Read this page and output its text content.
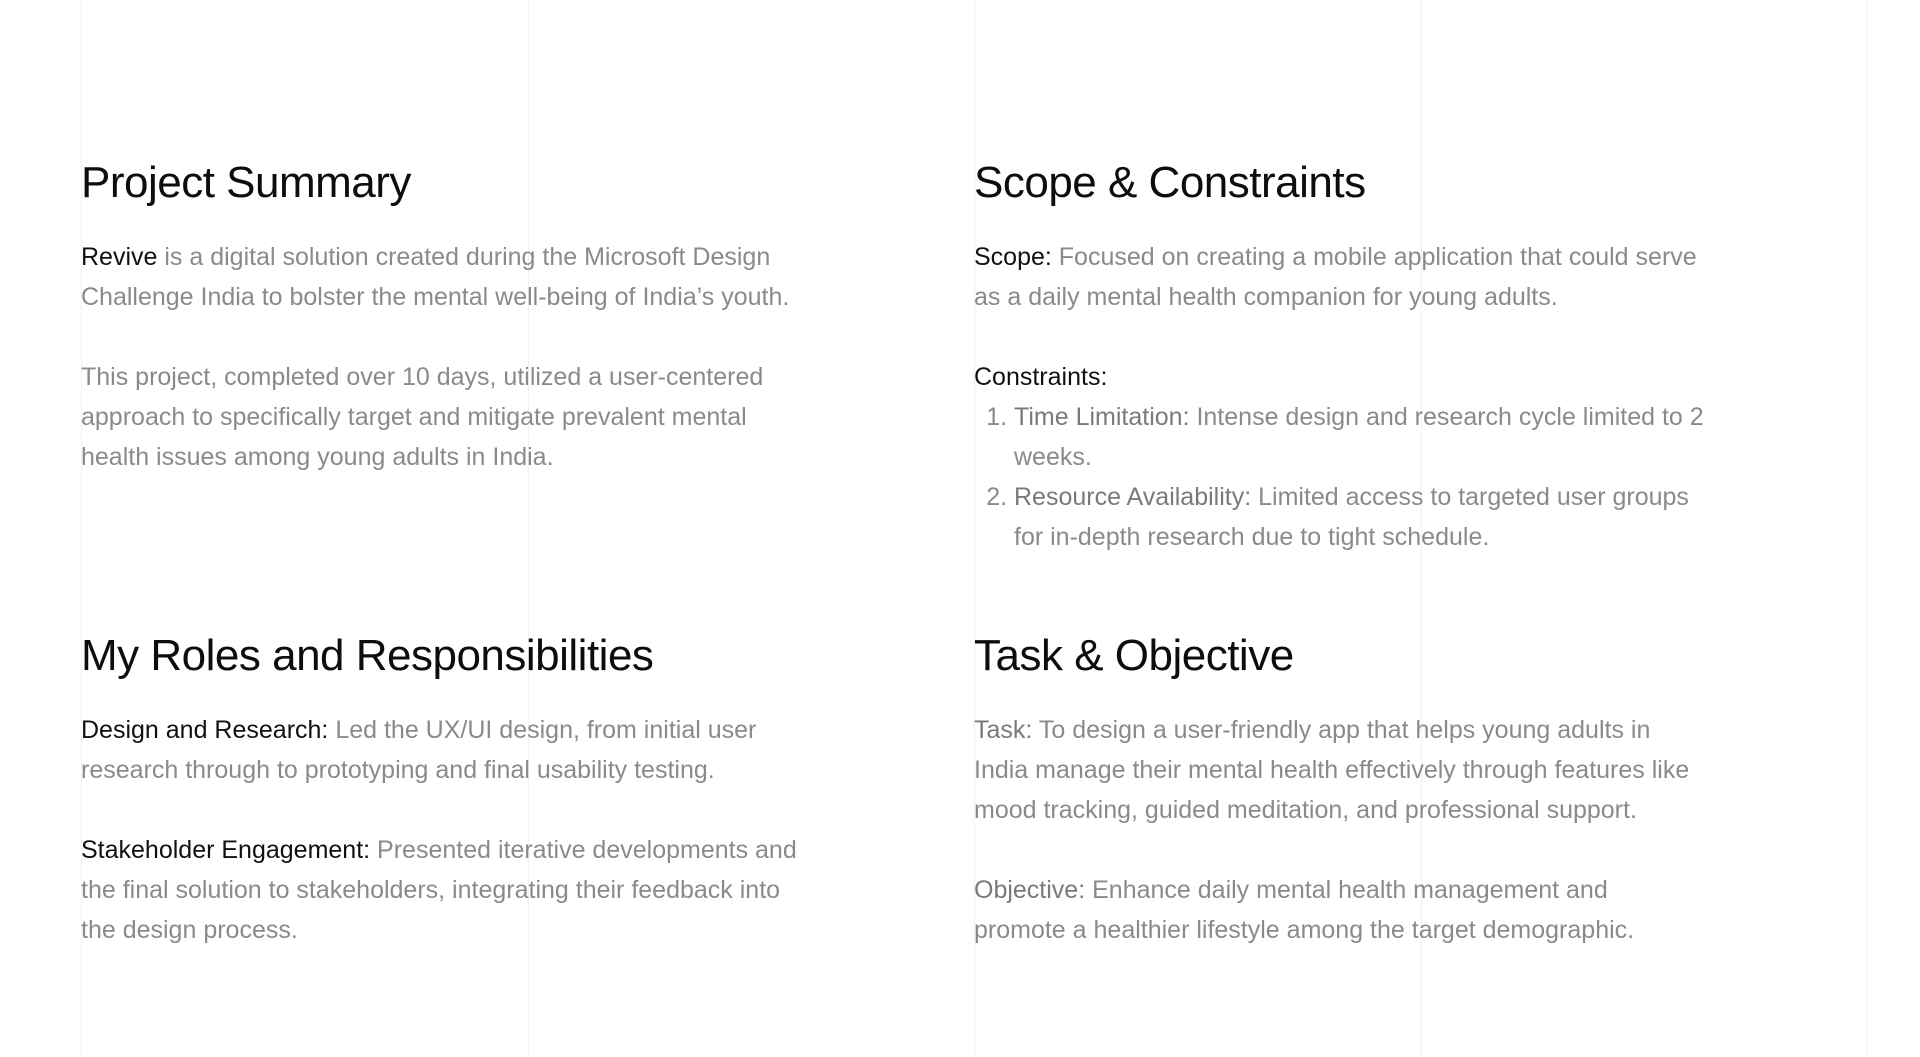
Project Summary

Revive is a digital solution created during the Microsoft Design Challenge India to bolster the mental well-being of India’s youth.

This project, completed over 10 days, utilized a user-centered approach to specifically target and mitigate prevalent mental health issues among young adults in India.

Scope & Constraints

Scope: Focused on creating a mobile application that could serve as a daily mental health companion for young adults.

Constraints:

1. Time Limitation: Intense design and research cycle limited to 2 weeks.
2. Resource Availability: Limited access to targeted user groups for in-depth research due to tight schedule.
My Roles and Responsibilities

Design and Research: Led the UX/UI design, from initial user research through to prototyping and final usability testing.

Stakeholder Engagement: Presented iterative developments and the final solution to stakeholders, integrating their feedback into the design process.

Task & Objective

Task: To design a user-friendly app that helps young adults in India manage their mental health effectively through features like mood tracking, guided meditation, and professional support.

Objective: Enhance daily mental health management and promote a healthier lifestyle among the target demographic.
